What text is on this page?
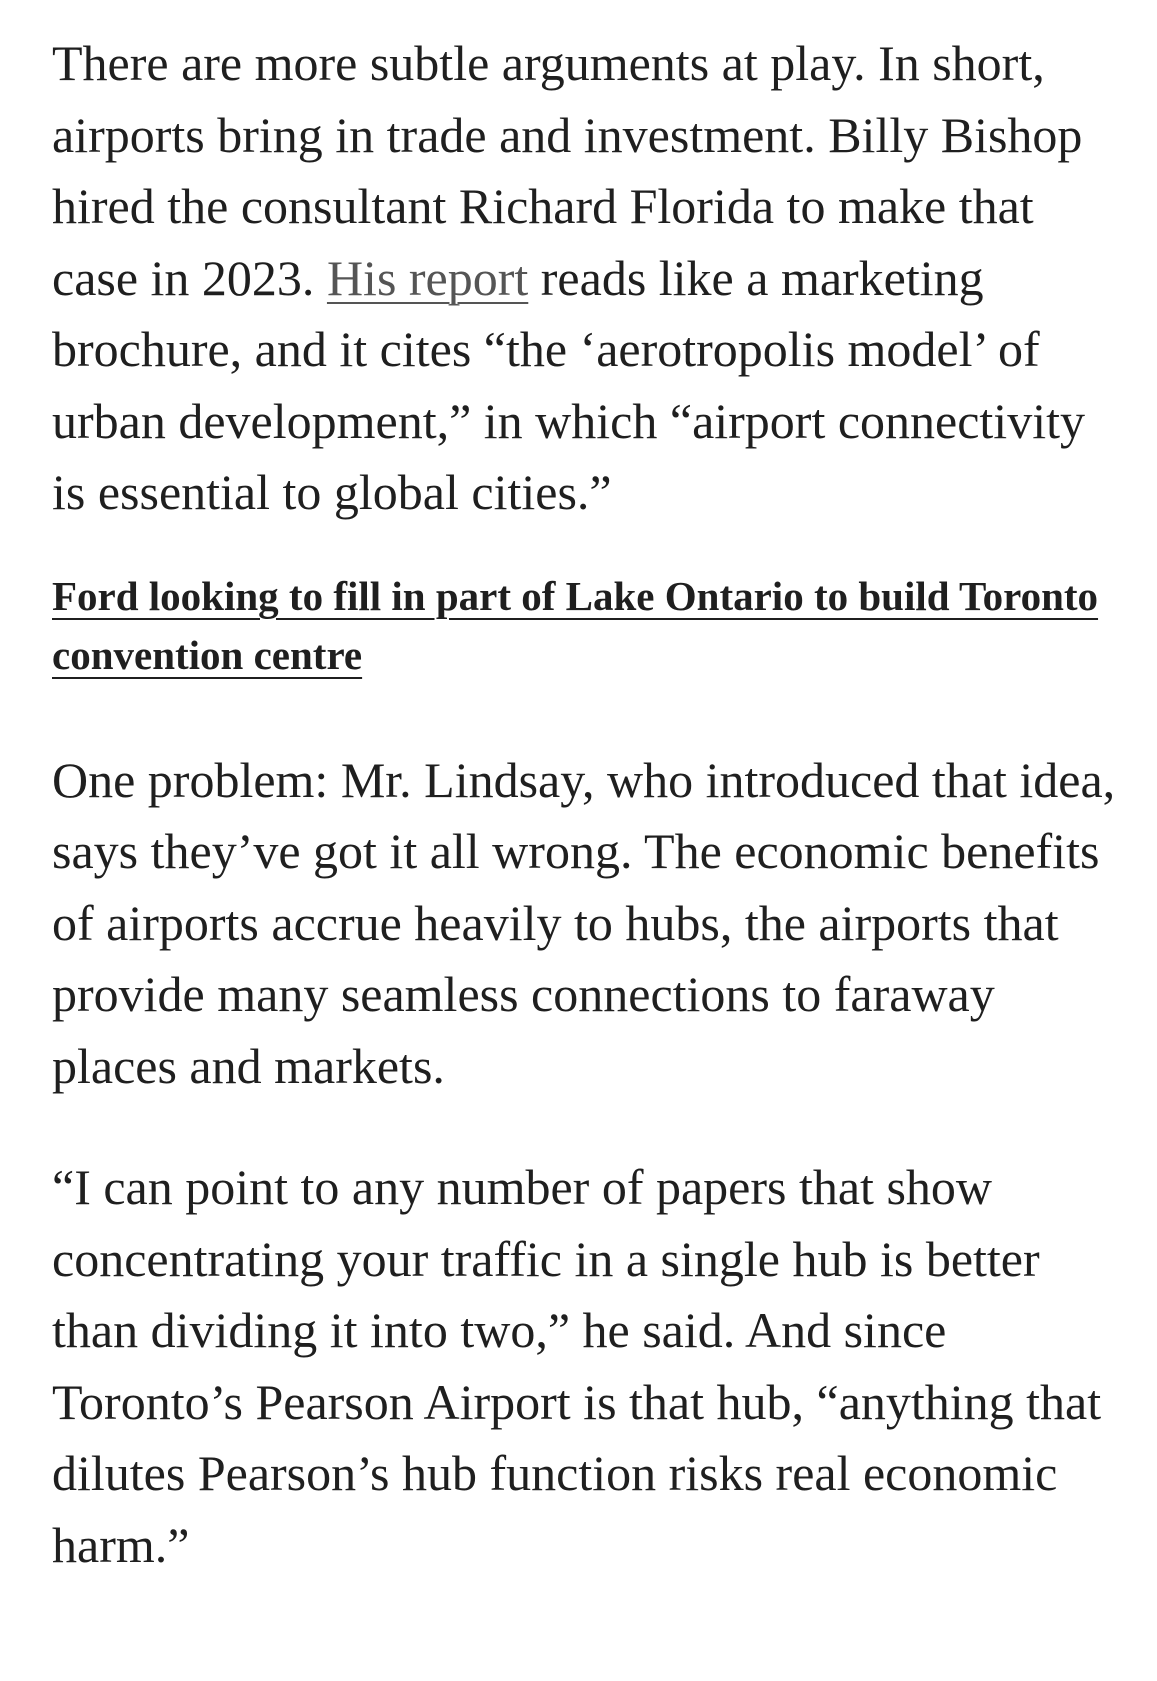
There are more subtle arguments at play. In short, airports bring in trade and investment. Billy Bishop hired the consultant Richard Florida to make that case in 2023. His report reads like a marketing brochure, and it cites “the ‘aerotropolis model’ of urban development,” in which “airport connectivity is essential to global cities.”

Ford looking to fill in part of Lake Ontario to build Toronto convention centre

One problem: Mr. Lindsay, who introduced that idea, says they’ve got it all wrong. The economic benefits of airports accrue heavily to hubs, the airports that provide many seamless connections to faraway places and markets.

“I can point to any number of papers that show concentrating your traffic in a single hub is better than dividing it into two,” he said. And since Toronto’s Pearson Airport is that hub, “anything that dilutes Pearson’s hub function risks real economic harm.”
